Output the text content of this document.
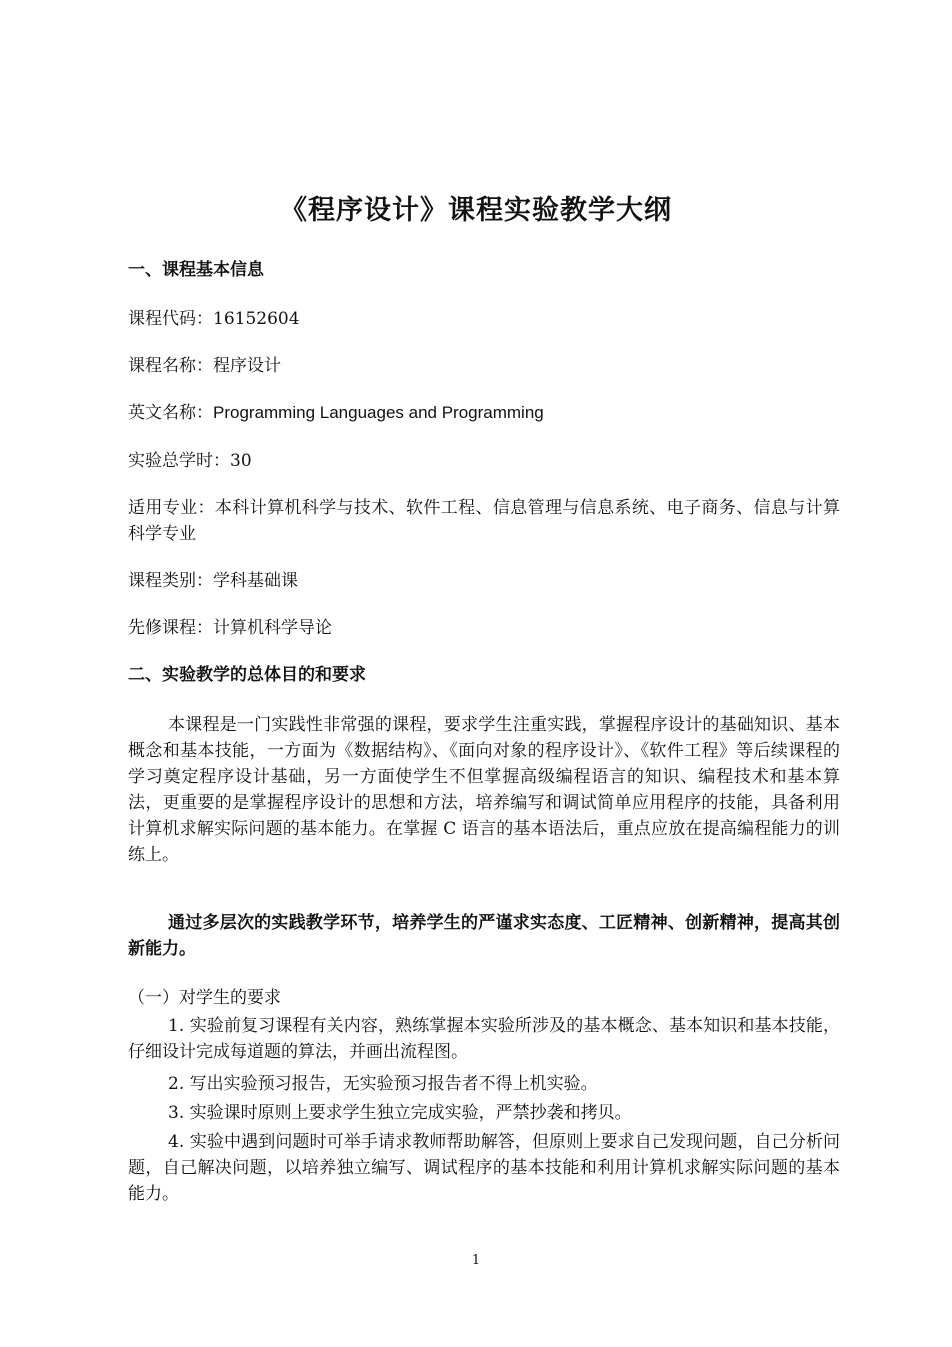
《程序设计》课程实验教学大纲
一、课程基本信息
课程代码：16152604
课程名称：程序设计
英文名称：Programming Languages and Programming
实验总学时：30
适用专业：本科计算机科学与技术、软件工程、信息管理与信息系统、电子商务、信息与计算科学专业
课程类别：学科基础课
先修课程：计算机科学导论
二、实验教学的总体目的和要求
本课程是一门实践性非常强的课程，要求学生注重实践，掌握程序设计的基础知识、基本概念和基本技能，一方面为《数据结构》、《面向对象的程序设计》、《软件工程》等后续课程的学习奠定程序设计基础，另一方面使学生不但掌握高级编程语言的知识、编程技术和基本算法，更重要的是掌握程序设计的思想和方法，培养编写和调试简单应用程序的技能，具备利用计算机求解实际问题的基本能力。在掌握 C 语言的基本语法后，重点应放在提高编程能力的训练上。
通过多层次的实践教学环节，培养学生的严谨求实态度、工匠精神、创新精神，提高其创新能力。
（一）对学生的要求
1. 实验前复习课程有关内容，熟练掌握本实验所涉及的基本概念、基本知识和基本技能，仔细设计完成每道题的算法，并画出流程图。
2. 写出实验预习报告，无实验预习报告者不得上机实验。
3. 实验课时原则上要求学生独立完成实验，严禁抄袭和拷贝。
4. 实验中遇到问题时可举手请求教师帮助解答，但原则上要求自己发现问题，自己分析问题，自己解决问题，以培养独立编写、调试程序的基本技能和利用计算机求解实际问题的基本能力。
1
